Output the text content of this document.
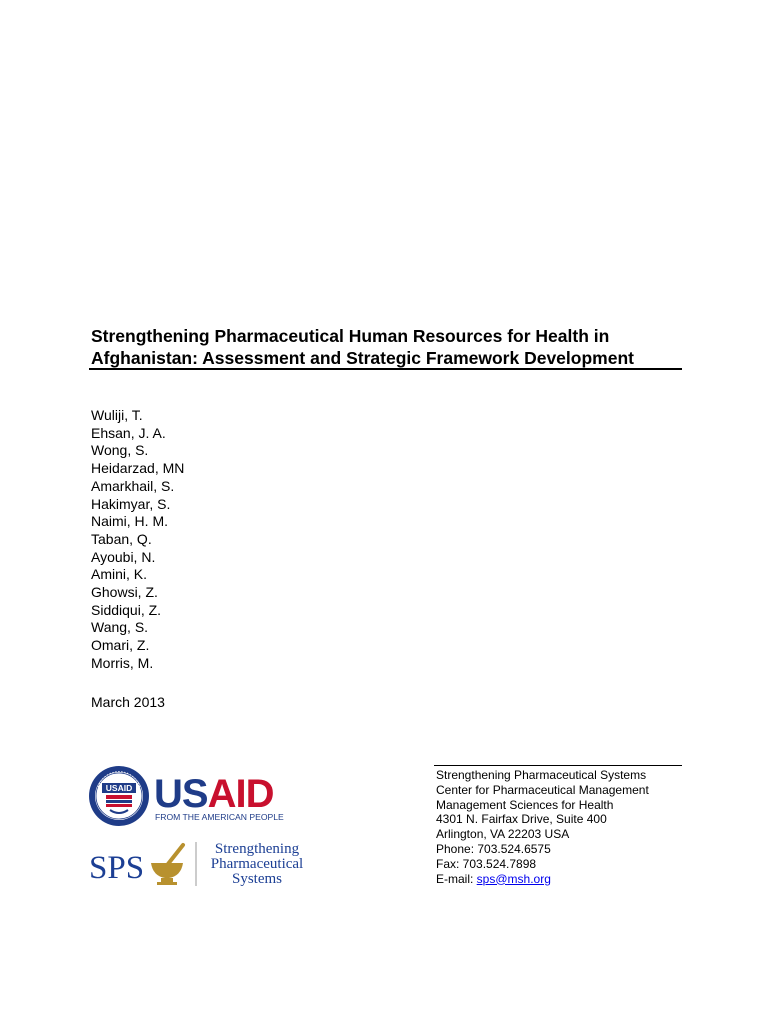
Strengthening Pharmaceutical Human Resources for Health in
Afghanistan: Assessment and Strategic Framework Development
Wuliji, T.
Ehsan, J. A.
Wong, S.
Heidarzad, MN
Amarkhail, S.
Hakimyar, S.
Naimi, H. M.
Taban, Q.
Ayoubi, N.
Amini, K.
Ghowsi, Z.
Siddiqui, Z.
Wang, S.
Omari, Z.
Morris, M.
March 2013
USAID USAID
FROM THE AMERICAN PEOPLE
SPS
Strengthening
Pharmaceutical
Systems
Strengthening Pharmaceutical Systems
Center for Pharmaceutical Management
Management Sciences for Health
4301 N. Fairfax Drive, Suite 400
Arlington, VA 22203 USA
Phone: 703.524.6575
Fax: 703.524.7898
E-mail: sps@msh.org
